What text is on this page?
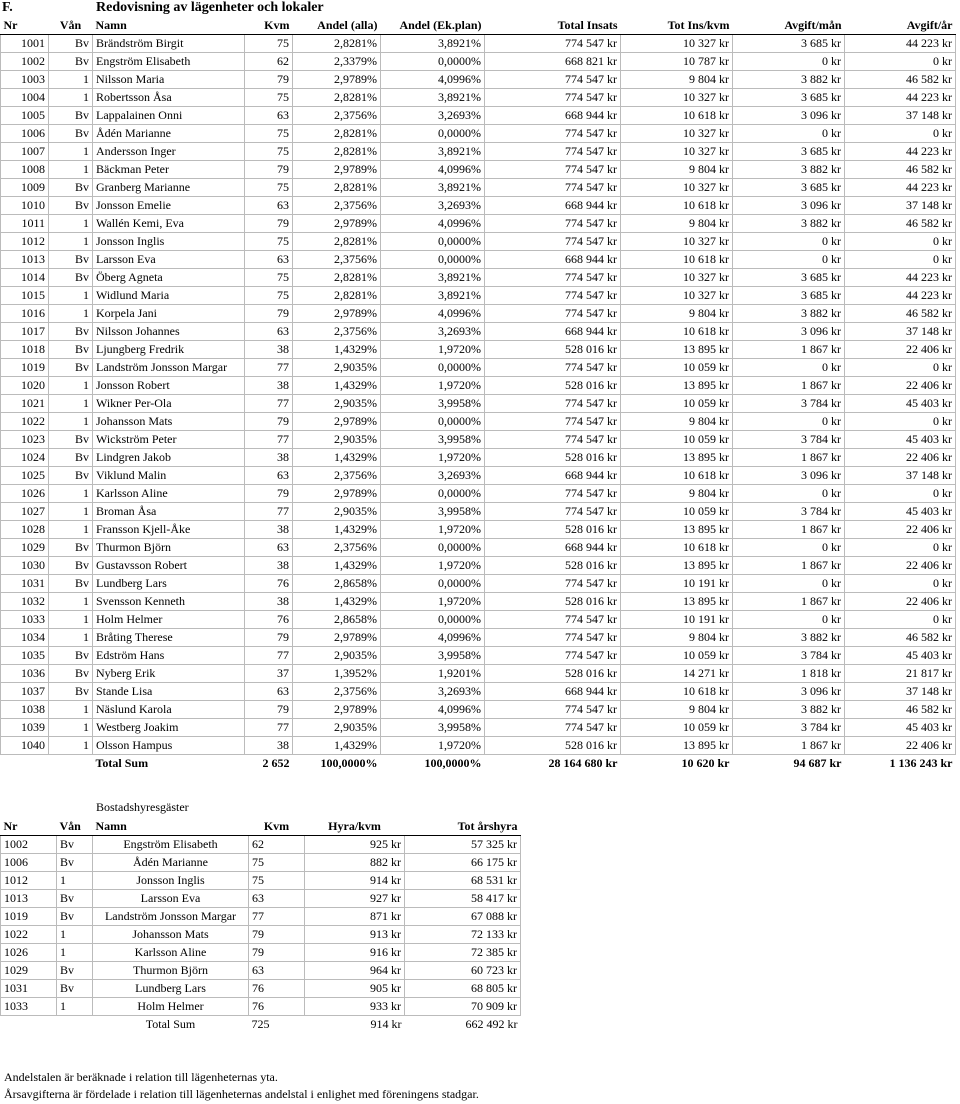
F.	Redovisning av lägenheter och lokaler
Nr	Vån	Namn	Kvm	Andel (alla)	Andel (Ek.plan)	Total Insats	Tot Ins/kvm	Avgift/mån	Avgift/år
1001	Bv	Brändström Birgit	75	2,8281%	3,8921%	774 547 kr	10 327 kr	3 685 kr	44 223 kr
1002	Bv	Engström Elisabeth	62	2,3379%	0,0000%	668 821 kr	10 787 kr	0 kr	0 kr
1003	1	Nilsson Maria	79	2,9789%	4,0996%	774 547 kr	9 804 kr	3 882 kr	46 582 kr
1004	1	Robertsson Åsa	75	2,8281%	3,8921%	774 547 kr	10 327 kr	3 685 kr	44 223 kr
1005	Bv	Lappalainen Onni	63	2,3756%	3,2693%	668 944 kr	10 618 kr	3 096 kr	37 148 kr
1006	Bv	Ådén Marianne	75	2,8281%	0,0000%	774 547 kr	10 327 kr	0 kr	0 kr
1007	1	Andersson Inger	75	2,8281%	3,8921%	774 547 kr	10 327 kr	3 685 kr	44 223 kr
1008	1	Bäckman Peter	79	2,9789%	4,0996%	774 547 kr	9 804 kr	3 882 kr	46 582 kr
1009	Bv	Granberg Marianne	75	2,8281%	3,8921%	774 547 kr	10 327 kr	3 685 kr	44 223 kr
1010	Bv	Jonsson Emelie	63	2,3756%	3,2693%	668 944 kr	10 618 kr	3 096 kr	37 148 kr
1011	1	Wallén Kemi, Eva	79	2,9789%	4,0996%	774 547 kr	9 804 kr	3 882 kr	46 582 kr
1012	1	Jonsson Inglis	75	2,8281%	0,0000%	774 547 kr	10 327 kr	0 kr	0 kr
1013	Bv	Larsson Eva	63	2,3756%	0,0000%	668 944 kr	10 618 kr	0 kr	0 kr
1014	Bv	Öberg Agneta	75	2,8281%	3,8921%	774 547 kr	10 327 kr	3 685 kr	44 223 kr
1015	1	Widlund Maria	75	2,8281%	3,8921%	774 547 kr	10 327 kr	3 685 kr	44 223 kr
1016	1	Korpela Jani	79	2,9789%	4,0996%	774 547 kr	9 804 kr	3 882 kr	46 582 kr
1017	Bv	Nilsson Johannes	63	2,3756%	3,2693%	668 944 kr	10 618 kr	3 096 kr	37 148 kr
1018	Bv	Ljungberg Fredrik	38	1,4329%	1,9720%	528 016 kr	13 895 kr	1 867 kr	22 406 kr
1019	Bv	Landström Jonsson Margar	77	2,9035%	0,0000%	774 547 kr	10 059 kr	0 kr	0 kr
1020	1	Jonsson Robert	38	1,4329%	1,9720%	528 016 kr	13 895 kr	1 867 kr	22 406 kr
1021	1	Wikner Per-Ola	77	2,9035%	3,9958%	774 547 kr	10 059 kr	3 784 kr	45 403 kr
1022	1	Johansson Mats	79	2,9789%	0,0000%	774 547 kr	9 804 kr	0 kr	0 kr
1023	Bv	Wickström Peter	77	2,9035%	3,9958%	774 547 kr	10 059 kr	3 784 kr	45 403 kr
1024	Bv	Lindgren Jakob	38	1,4329%	1,9720%	528 016 kr	13 895 kr	1 867 kr	22 406 kr
1025	Bv	Viklund Malin	63	2,3756%	3,2693%	668 944 kr	10 618 kr	3 096 kr	37 148 kr
1026	1	Karlsson Aline	79	2,9789%	0,0000%	774 547 kr	9 804 kr	0 kr	0 kr
1027	1	Broman Åsa	77	2,9035%	3,9958%	774 547 kr	10 059 kr	3 784 kr	45 403 kr
1028	1	Fransson Kjell-Åke	38	1,4329%	1,9720%	528 016 kr	13 895 kr	1 867 kr	22 406 kr
1029	Bv	Thurmon Björn	63	2,3756%	0,0000%	668 944 kr	10 618 kr	0 kr	0 kr
1030	Bv	Gustavsson Robert	38	1,4329%	1,9720%	528 016 kr	13 895 kr	1 867 kr	22 406 kr
1031	Bv	Lundberg Lars	76	2,8658%	0,0000%	774 547 kr	10 191 kr	0 kr	0 kr
1032	1	Svensson Kenneth	38	1,4329%	1,9720%	528 016 kr	13 895 kr	1 867 kr	22 406 kr
1033	1	Holm Helmer	76	2,8658%	0,0000%	774 547 kr	10 191 kr	0 kr	0 kr
1034	1	Bråting Therese	79	2,9789%	4,0996%	774 547 kr	9 804 kr	3 882 kr	46 582 kr
1035	Bv	Edström Hans	77	2,9035%	3,9958%	774 547 kr	10 059 kr	3 784 kr	45 403 kr
1036	Bv	Nyberg Erik	37	1,3952%	1,9201%	528 016 kr	14 271 kr	1 818 kr	21 817 kr
1037	Bv	Stande Lisa	63	2,3756%	3,2693%	668 944 kr	10 618 kr	3 096 kr	37 148 kr
1038	1	Näslund Karola	79	2,9789%	4,0996%	774 547 kr	9 804 kr	3 882 kr	46 582 kr
1039	1	Westberg Joakim	77	2,9035%	3,9958%	774 547 kr	10 059 kr	3 784 kr	45 403 kr
1040	1	Olsson Hampus	38	1,4329%	1,9720%	528 016 kr	13 895 kr	1 867 kr	22 406 kr
		Total Sum	2 652	100,0000%	100,0000%	28 164 680 kr	10 620 kr	94 687 kr	1 136 243 kr
Bostadshyresgäster
Nr	Vån	Namn	Kvm	Hyra/kvm	Tot årshyra
1002	Bv	Engström Elisabeth	62	925 kr	57 325 kr
1006	Bv	Ådén Marianne	75	882 kr	66 175 kr
1012	1	Jonsson Inglis	75	914 kr	68 531 kr
1013	Bv	Larsson Eva	63	927 kr	58 417 kr
1019	Bv	Landström Jonsson Margar	77	871 kr	67 088 kr
1022	1	Johansson Mats	79	913 kr	72 133 kr
1026	1	Karlsson Aline	79	916 kr	72 385 kr
1029	Bv	Thurmon Björn	63	964 kr	60 723 kr
1031	Bv	Lundberg Lars	76	905 kr	68 805 kr
1033	1	Holm Helmer	76	933 kr	70 909 kr
		Total Sum	725	914 kr	662 492 kr
Andelstalen är beräknade i relation till lägenheternas yta.
Årsavgifterna är fördelade i relation till lägenheternas andelstal i enlighet med föreningens stadgar.
